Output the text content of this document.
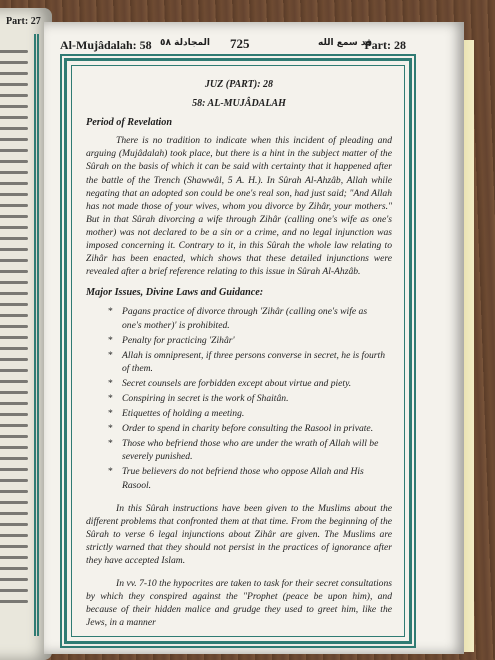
Part: 27
Al-Mujâdalah: 58 المجادلة ٥٨ 725	قد سمع الله
Part: 28
JUZ (PART): 28
58: AL-MUJÂDALAH
Period of Revelation

There is no tradition to indicate when this incident of pleading and arguing (Mujâdalah) took place, but there is a hint in the subject matter of the Sûrah on the basis of which it can be said with certainty that it happened after the battle of the Trench (Shawwâl, 5 A. H.). In Sûrah Al-Ahzâb, Allah while negating that an adopted son could be one's real son, had just said; "And Allah has not made those of your wives, whom you divorce by Zihâr, your mothers." But in that Sûrah divorcing a wife through Zihâr (calling one's wife as one's mother) was not declared to be a sin or a crime, and no legal injunction was imposed concerning it. Contrary to it, in this Sûrah the whole law relating to Zihâr has been enacted, which shows that these detailed injunctions were revealed after a brief reference relating to this issue in Sûrah Al-Ahzâb.

Major Issues, Divine Laws and Guidance:
* Pagans practice of divorce through 'Zihâr (calling one's wife as one's mother)' is prohibited.
* Penalty for practicing 'Zihâr'
* Allah is omnipresent, if three persons converse in secret, he is fourth of them.
* Secret counsels are forbidden except about virtue and piety.
* Conspiring in secret is the work of Shaitân.
* Etiquettes of holding a meeting.
* Order to spend in charity before consulting the Rasool in private.
* Those who befriend those who are under the wrath of Allah will be severely punished.
* True believers do not befriend those who oppose Allah and His Rasool.

In this Sûrah instructions have been given to the Muslims about the different problems that confronted them at that time. From the beginning of the Sûrah to verse 6 legal injunctions about Zihâr are given. The Muslims are strictly warned that they should not persist in the practices of ignorance after they have accepted Islam.

In vv. 7-10 the hypocrites are taken to task for their secret consultations by which they conspired against the "Prophet (peace be upon him), and because of their hidden malice and grudge they used to greet him, like the Jews, in a manner
